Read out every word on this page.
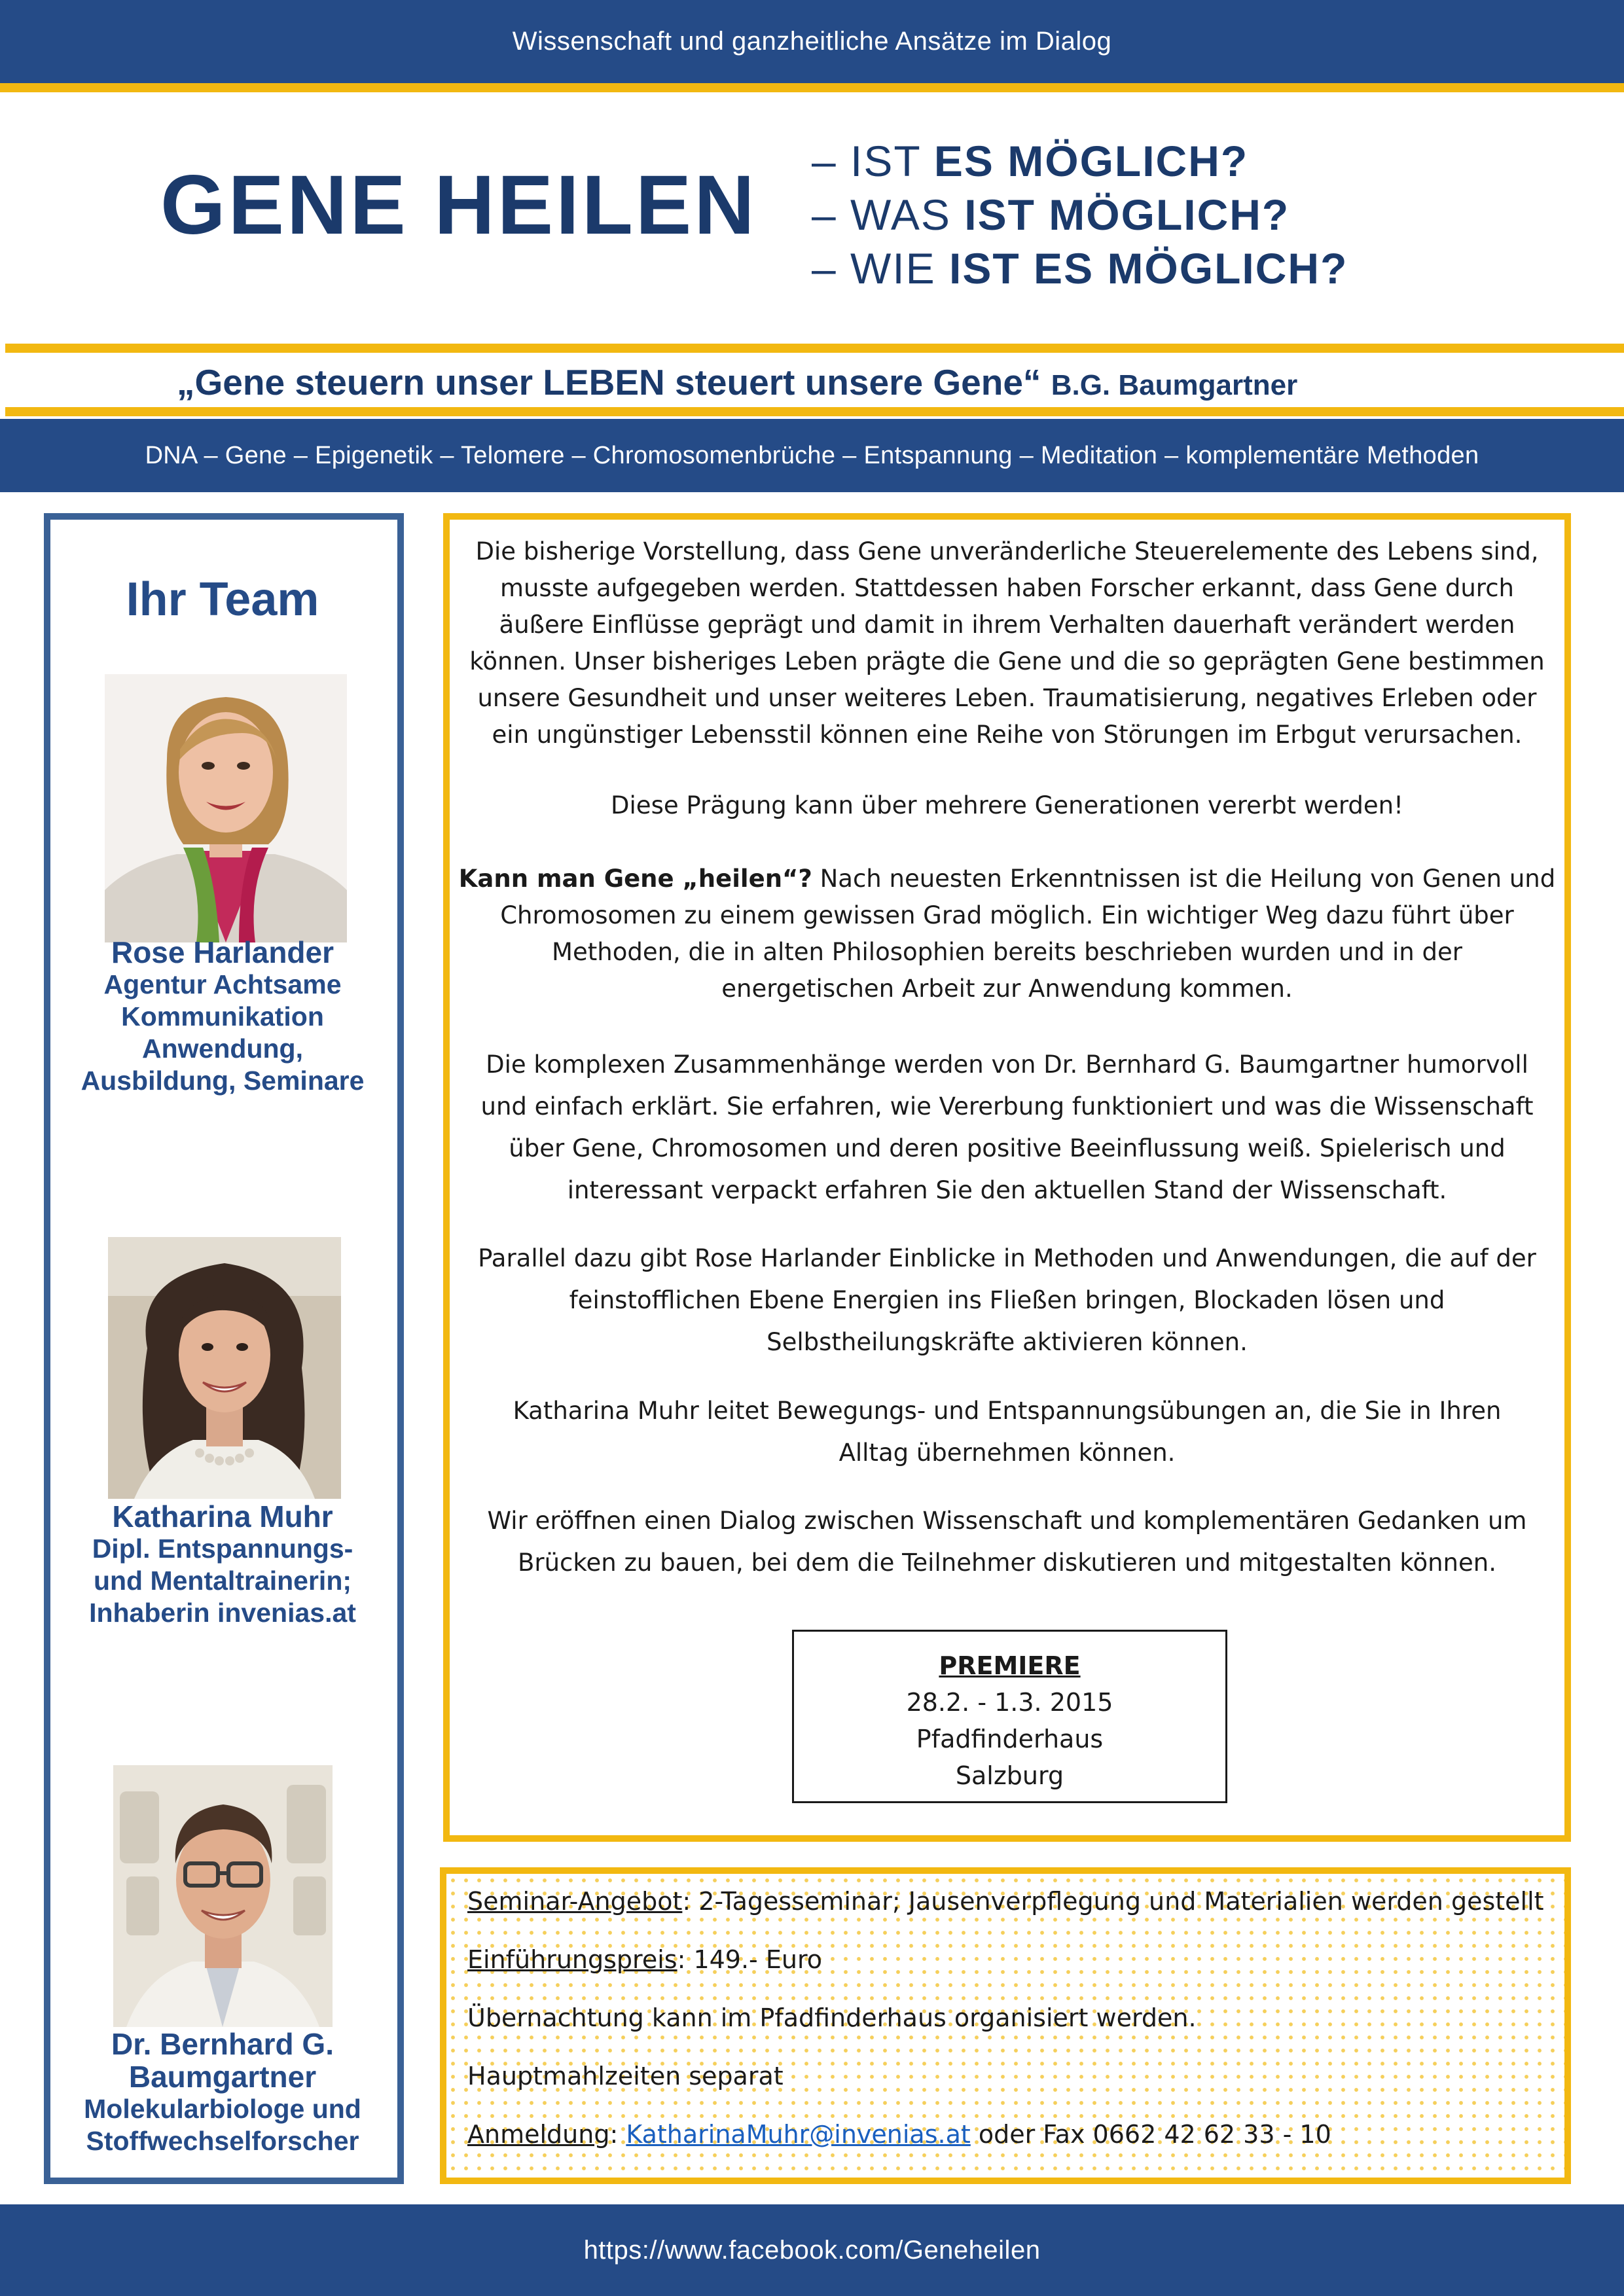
Wissenschaft und ganzheitliche Ansätze im Dialog
GENE HEILEN – IST ES MÖGLICH?
– WAS IST MÖGLICH?
– WIE IST ES MÖGLICH?
„Gene steuern unser LEBEN steuert unsere Gene“ B.G. Baumgartner
DNA – Gene – Epigenetik – Telomere – Chromosomenbrüche – Entspannung – Meditation – komplementäre Methoden
Ihr Team
Rose Harlander
Agentur Achtsame
Kommunikation
Anwendung,
Ausbildung, Seminare
Katharina Muhr
Dipl. Entspannungs-
und Mentaltrainerin;
Inhaberin invenias.at
Dr. Bernhard G.
Baumgartner
Molekularbiologe und
Stoffwechselforscher
Die bisherige Vorstellung, dass Gene unveränderliche Steuerelemente des Lebens sind,
musste aufgegeben werden. Stattdessen haben Forscher erkannt, dass Gene durch
äußere Einflüsse geprägt und damit in ihrem Verhalten dauerhaft verändert werden
können. Unser bisheriges Leben prägte die Gene und die so geprägten Gene bestimmen
unsere Gesundheit und unser weiteres Leben. Traumatisierung, negatives Erleben oder
ein ungünstiger Lebensstil können eine Reihe von Störungen im Erbgut verursachen.
Diese Prägung kann über mehrere Generationen vererbt werden!
Kann man Gene „heilen“? Nach neuesten Erkenntnissen ist die Heilung von Genen und
Chromosomen zu einem gewissen Grad möglich. Ein wichtiger Weg dazu führt über
Methoden, die in alten Philosophien bereits beschrieben wurden und in der
energetischen Arbeit zur Anwendung kommen.
Die komplexen Zusammenhänge werden von Dr. Bernhard G. Baumgartner humorvoll
und einfach erklärt. Sie erfahren, wie Vererbung funktioniert und was die Wissenschaft
über Gene, Chromosomen und deren positive Beeinflussung weiß. Spielerisch und
interessant verpackt erfahren Sie den aktuellen Stand der Wissenschaft.
Parallel dazu gibt Rose Harlander Einblicke in Methoden und Anwendungen, die auf der
feinstofflichen Ebene Energien ins Fließen bringen, Blockaden lösen und
Selbstheilungskräfte aktivieren können.
Katharina Muhr leitet Bewegungs- und Entspannungsübungen an, die Sie in Ihren
Alltag übernehmen können.
Wir eröffnen einen Dialog zwischen Wissenschaft und komplementären Gedanken um
Brücken zu bauen, bei dem die Teilnehmer diskutieren und mitgestalten können.
PREMIERE
28.2. - 1.3. 2015
Pfadfinderhaus
Salzburg
Seminar-Angebot: 2-Tagesseminar; Jausenverpflegung und Materialien werden gestellt
Einführungspreis: 149.- Euro
Übernachtung kann im Pfadfinderhaus organisiert werden.
Hauptmahlzeiten separat
Anmeldung: KatharinaMuhr@invenias.at oder Fax 0662 42 62 33 - 10
https://www.facebook.com/Geneheilen
